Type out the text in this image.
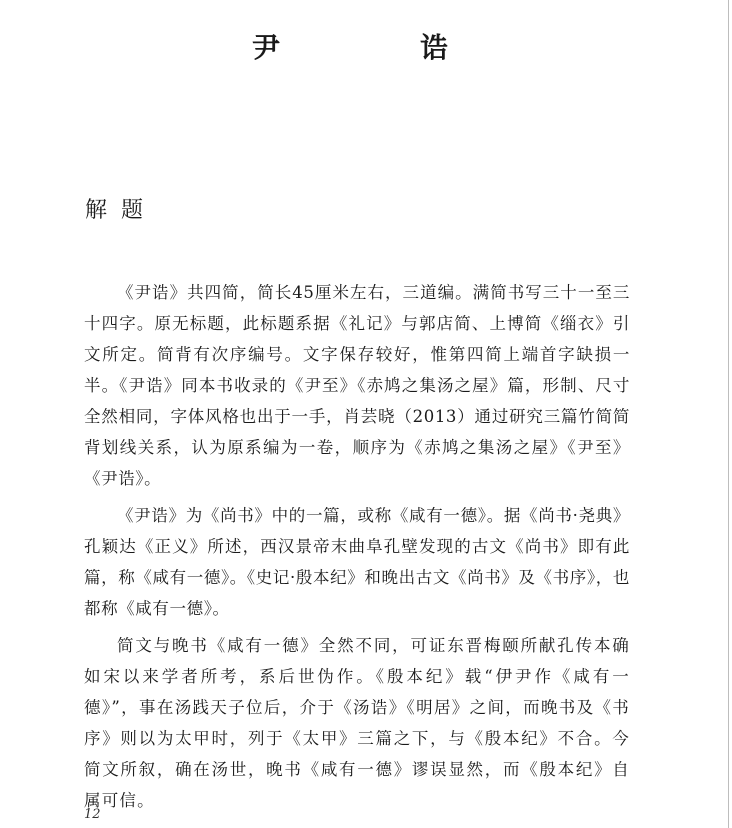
尹　诰
解题

《尹诰》共四简，简长45厘米左右，三道编。满简书写三十一至三十四字。原无标题，此标题系据《礼记》与郭店简、上博简《缁衣》引文所定。简背有次序编号。文字保存较好，惟第四简上端首字缺损一半。《尹诰》同本书收录的《尹至》《赤鸠之集汤之屋》篇，形制、尺寸全然相同，字体风格也出于一手，肖芸晓（2013）通过研究三篇竹简简背划线关系，认为原系编为一卷，顺序为《赤鸠之集汤之屋》《尹至》《尹诰》。

《尹诰》为《尚书》中的一篇，或称《咸有一德》。据《尚书·尧典》孔颖达《正义》所述，西汉景帝末曲阜孔壁发现的古文《尚书》即有此篇，称《咸有一德》。《史记·殷本纪》和晚出古文《尚书》及《书序》，也都称《咸有一德》。

简文与晚书《咸有一德》全然不同，可证东晋梅颐所献孔传本确如宋以来学者所考，系后世伪作。《殷本纪》载“伊尹作《咸有一德》”，事在汤践天子位后，介于《汤诰》《明居》之间，而晚书及《书序》则以为太甲时，列于《太甲》三篇之下，与《殷本纪》不合。今简文所叙，确在汤世，晚书《咸有一德》谬误显然，而《殷本纪》自属可信。

12
